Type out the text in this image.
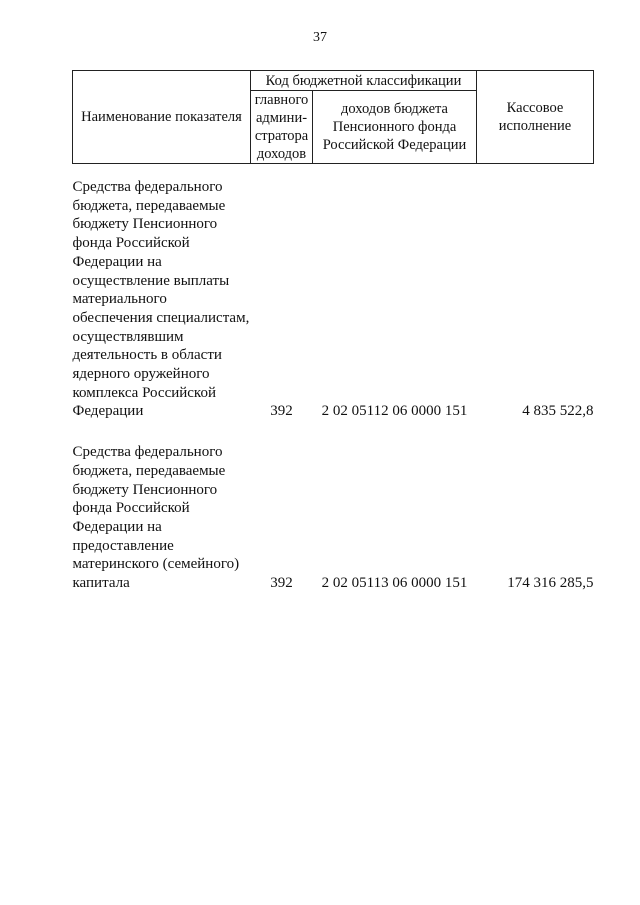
37
Наименование показателя	Код бюджетной классификации		Кассовое исполнение
	главного админи-стратора доходов	доходов бюджета Пенсионного фонда Российской Федерации	

Средства федерального бюджета, передаваемые бюджету Пенсионного фонда Российской Федерации на осуществление выплаты материального обеспечения специалистам, осуществлявшим деятельность в области ядерного оружейного комплекса Российской Федерации	392	2 02 05112 06 0000 151	4 835 522,8

Средства федерального бюджета, передаваемые бюджету Пенсионного фонда Российской Федерации на предоставление материнского (семейного) капитала	392	2 02 05113 06 0000 151	174 316 285,5
